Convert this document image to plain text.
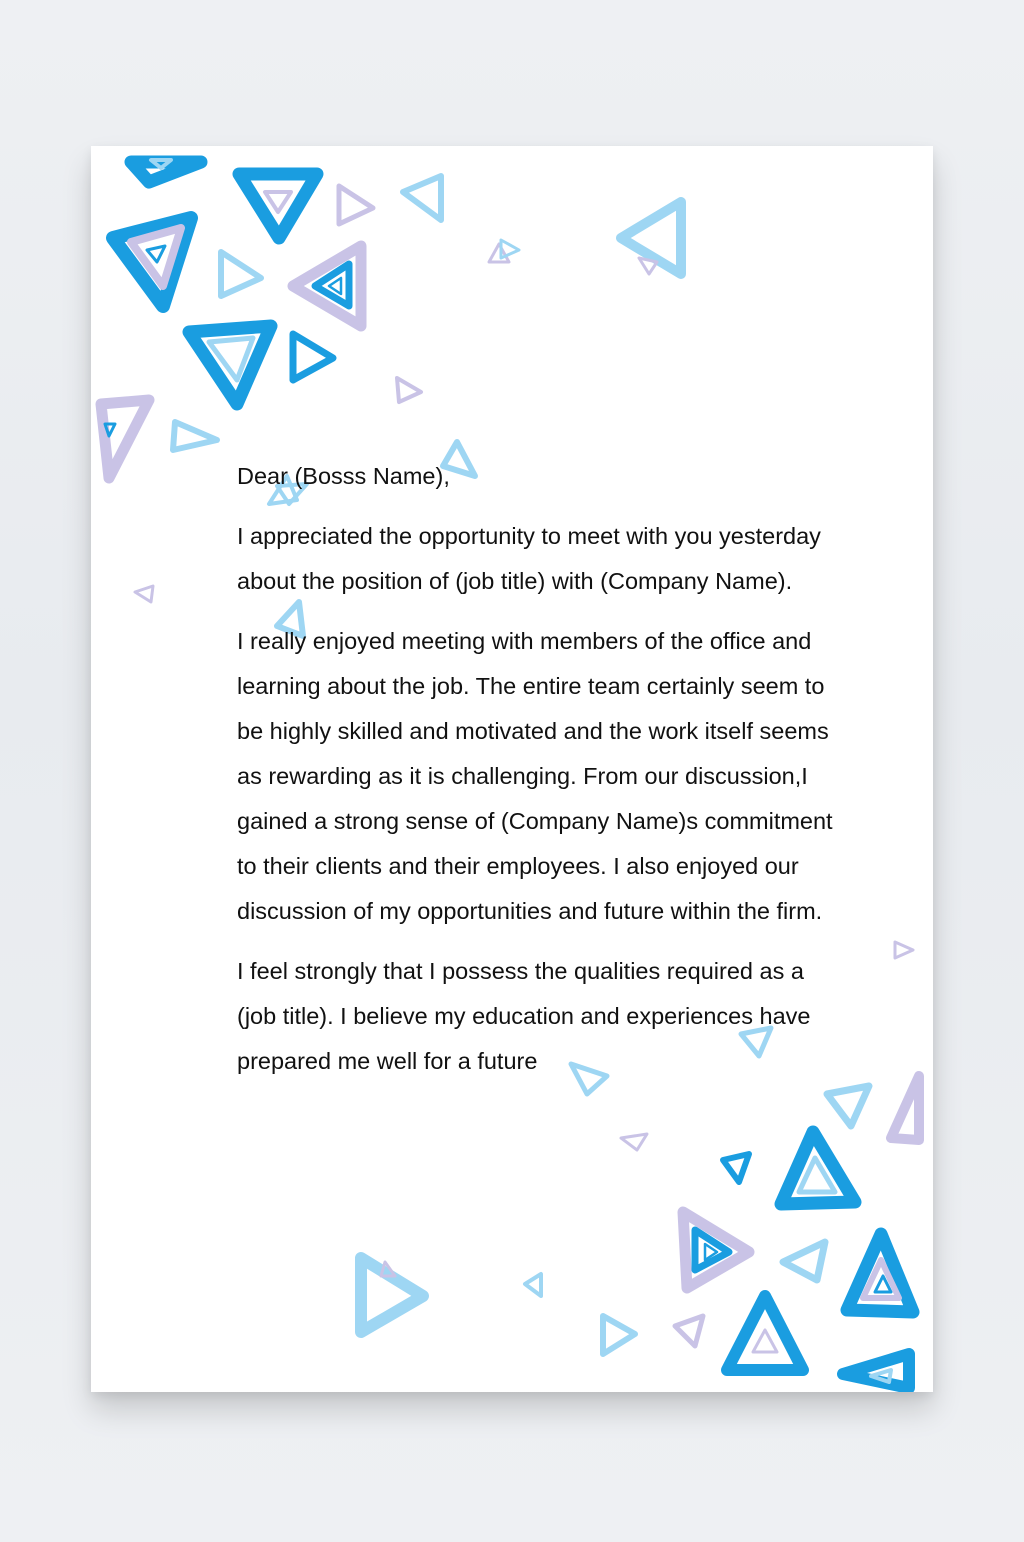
Dear (Bosss Name),

I appreciated the opportunity to meet with you yesterday about the position of (job title) with (Company Name).

I really enjoyed meeting with members of the office and learning about the job. The entire team certainly seem to be highly skilled and motivated and the work itself seems as rewarding as it is challenging. From our discussion,I gained a strong sense of (Company Name)s commitment to their clients and their employees. I also enjoyed our discussion of my opportunities and future within the firm.

I feel strongly that I possess the qualities required as a (job title). I believe my education and experiences have prepared me well for a future
